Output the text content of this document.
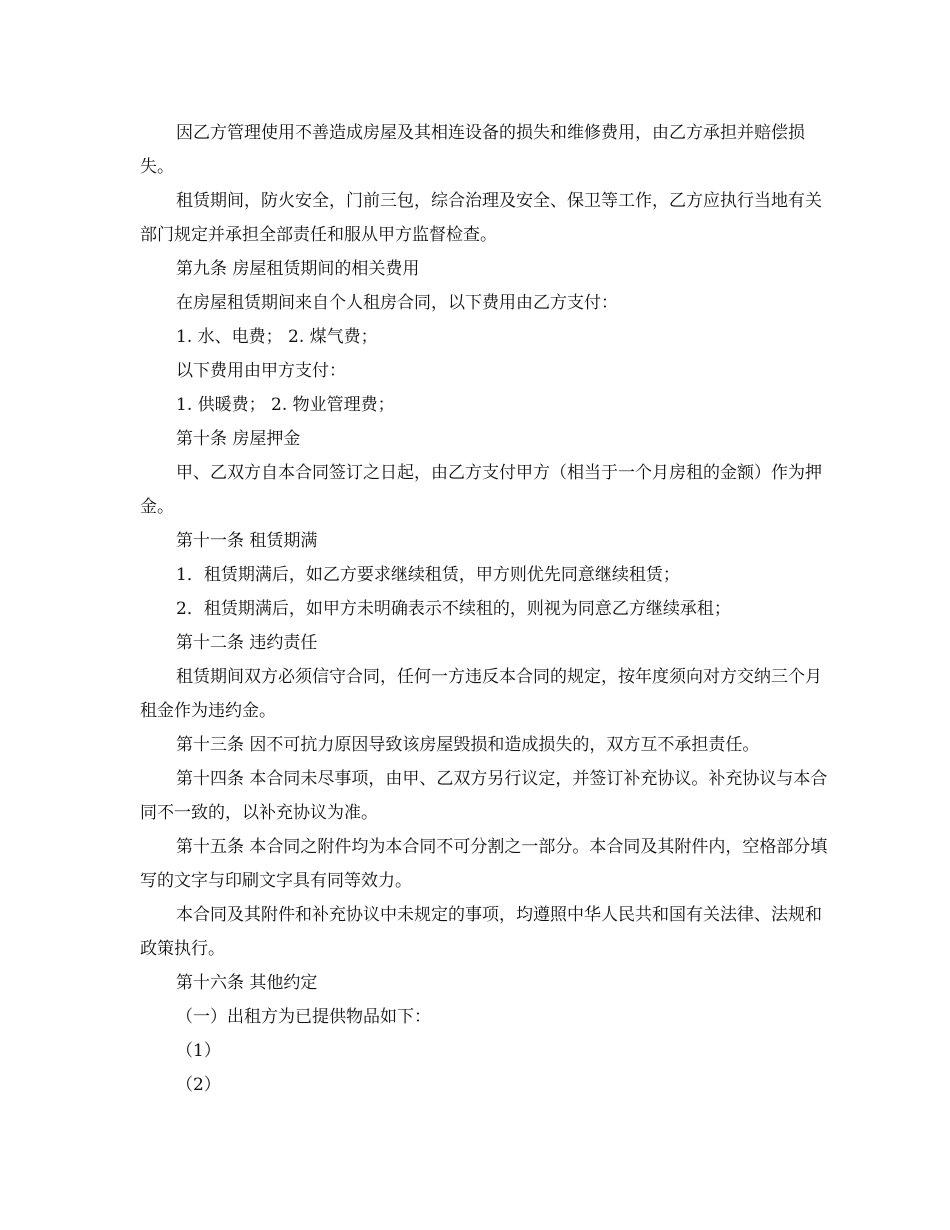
因乙方管理使用不善造成房屋及其相连设备的损失和维修费用，由乙方承担并赔偿损失。

租赁期间，防火安全，门前三包，综合治理及安全、保卫等工作，乙方应执行当地有关部门规定并承担全部责任和服从甲方监督检查。

第九条 房屋租赁期间的相关费用

在房屋租赁期间来自个人租房合同，以下费用由乙方支付：

1. 水、电费； 2. 煤气费；

以下费用由甲方支付：

1. 供暖费； 2. 物业管理费；

第十条 房屋押金

甲、乙双方自本合同签订之日起，由乙方支付甲方（相当于一个月房租的金额）作为押金。

第十一条 租赁期满

1．租赁期满后，如乙方要求继续租赁，甲方则优先同意继续租赁；

2．租赁期满后，如甲方未明确表示不续租的，则视为同意乙方继续承租；

第十二条 违约责任

租赁期间双方必须信守合同，任何一方违反本合同的规定，按年度须向对方交纳三个月租金作为违约金。

第十三条 因不可抗力原因导致该房屋毁损和造成损失的，双方互不承担责任。

第十四条 本合同未尽事项，由甲、乙双方另行议定，并签订补充协议。补充协议与本合同不一致的，以补充协议为准。

第十五条 本合同之附件均为本合同不可分割之一部分。本合同及其附件内，空格部分填写的文字与印刷文字具有同等效力。

本合同及其附件和补充协议中未规定的事项，均遵照中华人民共和国有关法律、法规和政策执行。

第十六条 其他约定

（一）出租方为已提供物品如下：

（1）

（2）
